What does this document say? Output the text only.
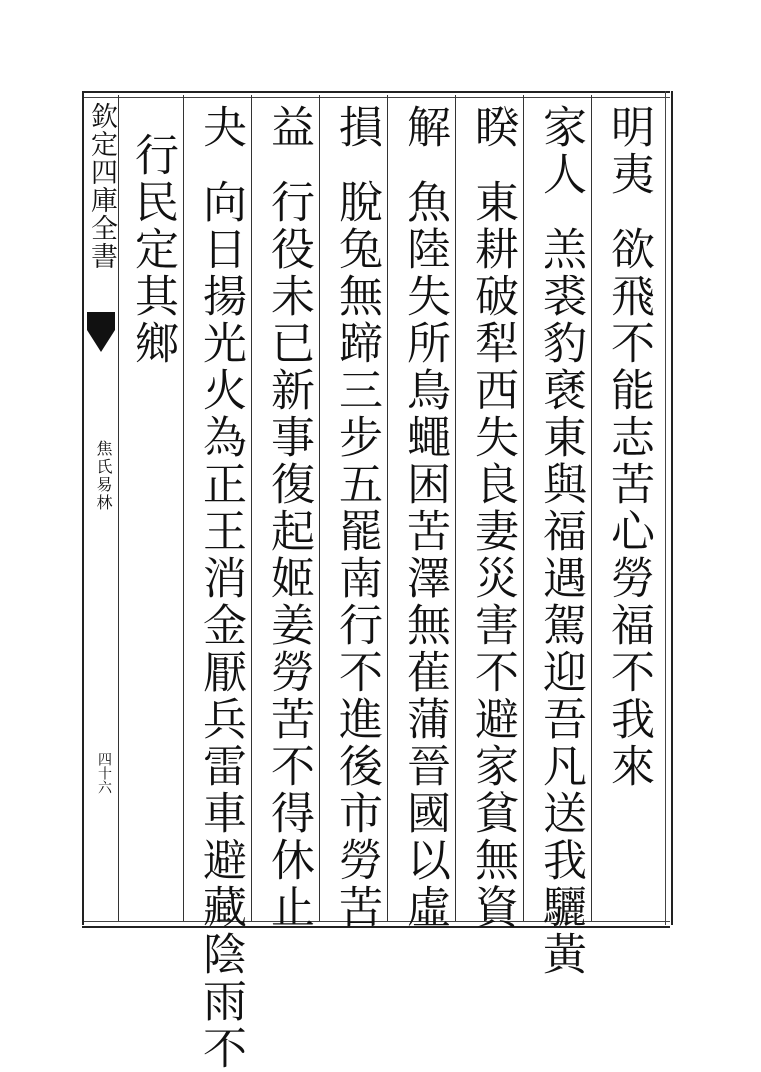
欽定四庫全書
焦氏易林
四十六
明夷欲飛不能志苦心勞福不我來
家人羔裘豹褎東與福遇駕迎吾凡送我驪黃
睽東耕破犁西失良妻災害不避家貧無資
解魚陸失所鳥蠅困苦澤無萑蒲晉國以虛
損脫兔無蹄三步五罷南行不進後市勞苦
益行役未已新事復起姬姜勞苦不得休止
夬向日揚光火為正王消金厭兵雷車避藏陰雨不
行民定其鄉
